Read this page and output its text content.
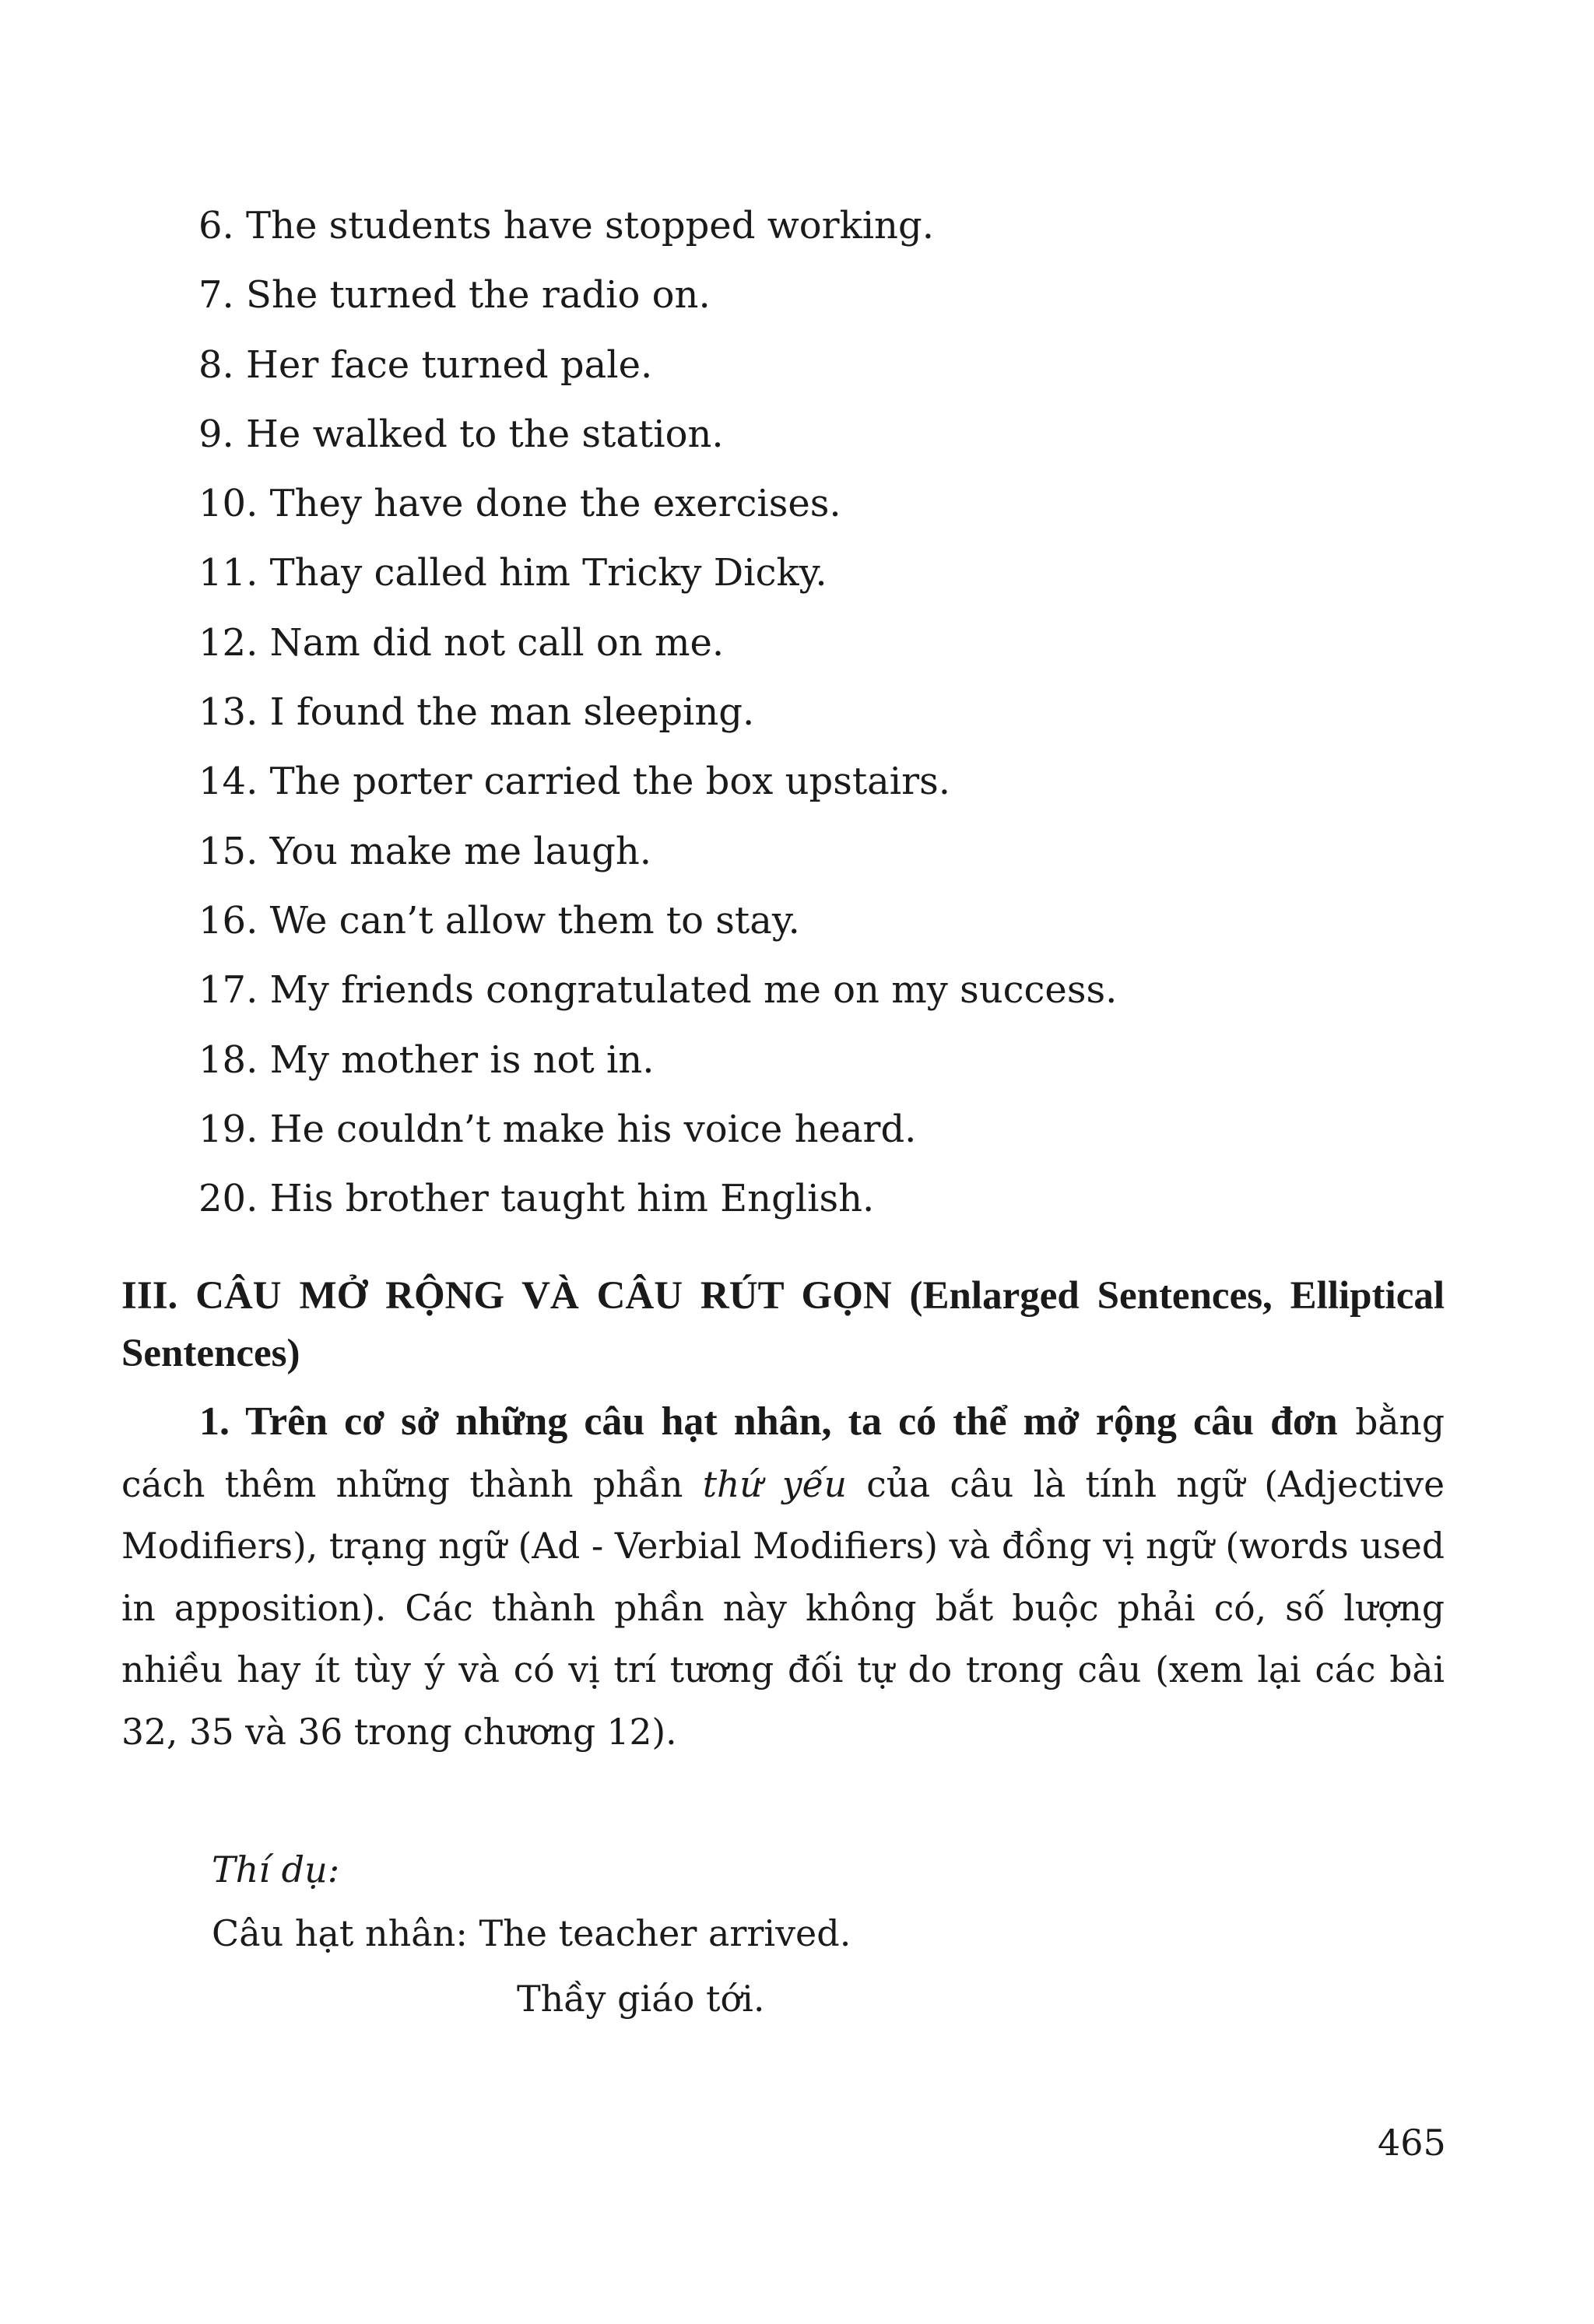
6. The students have stopped working.
7. She turned the radio on.
8. Her face turned pale.
9. He walked to the station.
10. They have done the exercises.
11. Thay called him Tricky Dicky.
12. Nam did not call on me.
13. I found the man sleeping.
14. The porter carried the box upstairs.
15. You make me laugh.
16. We can’t allow them to stay.
17. My friends congratulated me on my success.
18. My mother is not in.
19. He couldn’t make his voice heard.
20. His brother taught him English.
III. CÂU MỞ RỘNG VÀ CÂU RÚT GỌN (Enlarged Sentences, Elliptical Sentences)

1. Trên cơ sở những câu hạt nhân, ta có thể mở rộng câu đơn bằng cách thêm những thành phần thứ yếu của câu là tính ngữ (Adjective Modifiers), trạng ngữ (Ad - Verbial Modifiers) và đồng vị ngữ (words used in apposition). Các thành phần này không bắt buộc phải có, số lượng nhiều hay ít tùy ý và có vị trí tương đối tự do trong câu (xem lại các bài 32, 35 và 36 trong chương 12).

Thí dụ:

Câu hạt nhân: The teacher arrived.

Thầy giáo tới.

465
